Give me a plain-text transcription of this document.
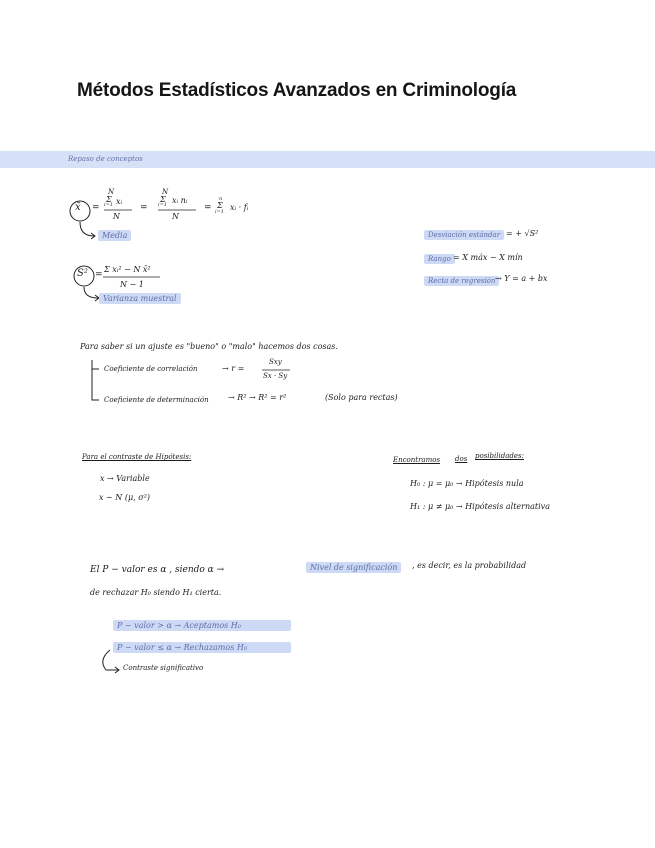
Métodos Estadísticos Avanzados en Criminología
Repaso de conceptos
x̄ =
N
Σ
i=1 xᵢ
N
=
N
Σ
i=1 xᵢ nᵢ
N
=
n
Σ
i=1 xᵢ · fᵢ
Media
S² =
Σ xᵢ² − N x̄²
N − 1
Varianza muestral
Desviación estándar = + √S²
Rango = X máx − X mín
Recta de regresión → Y = a + bx
Para saber si un ajuste es "bueno" o "malo" hacemos dos cosas.
Coeficiente de correlación	→ r =
Sxy
Sx · Sy
Coeficiente de determinación → R² → R² = r²	(Solo para rectas)
Para el contraste de Hipótesis:
x → Variable
x ∼ N (μ, σ²)
Encontramos dos posibilidades:
H₀ : μ = μ₀ → Hipótesis nula
H₁ : μ ≠ μ₀ → Hipótesis alternativa
El P − valor es α , siendo α →	Nivel de significación	, es decir, es la probabilidad
de rechazar H₀ siendo H₁ cierta.
P − valor > α → Aceptamos H₀
P − valor ≤ α → Rechazamos H₀
Contraste significativo
